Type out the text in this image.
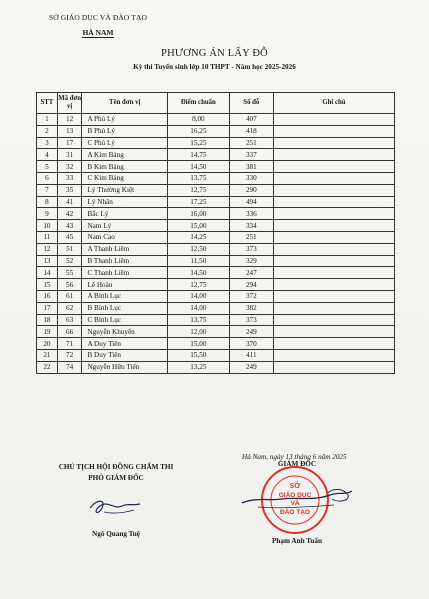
SỞ GIÁO DỤC VÀ ĐÀO TẠO
HÀ NAM
PHƯƠNG ÁN LẤY ĐỖ
Kỳ thi Tuyển sinh lớp 10 THPT - Năm học 2025-2026
STT	Mã đơn vị	Tên đơn vị	Điểm chuẩn	Số đỗ	Ghi chú
1	12	A Phủ Lý	8,00	407	
2	13	B Phủ Lý	16,25	418	
3	17	C Phủ Lý	15,25	251	
4	31	A Kim Bảng	14,75	337	
5	32	B Kim Bảng	14,50	381	
6	33	C Kim Bảng	13,75	330	
7	35	Lý Thường Kiệt	12,75	290	
8	41	Lý Nhân	17,25	494	
9	42	Bắc Lý	16,00	336	
10	43	Nam Lý	15,00	334	
11	45	Nam Cao	14,25	251	
12	51	A Thanh Liêm	12,50	373	
13	52	B Thanh Liêm	11,50	329	
14	55	C Thanh Liêm	14,50	247	
15	56	Lê Hoàn	12,75	294	
16	61	A Bình Lục	14,00	372	
17	62	B Bình Lục	14,00	382	
18	63	C Bình Lục	13,75	373	
19	66	Nguyễn Khuyến	12,00	249	
20	71	A Duy Tiên	15,00	370	
21	72	B Duy Tiên	15,50	411	
22	74	Nguyễn Hữu Tiến	13,25	249	
Hà Nam, ngày 13 tháng 6 năm 2025
CHỦ TỊCH HỘI ĐỒNG CHẤM THI
PHÓ GIÁM ĐỐC
Ngô Quang Tuệ
GIÁM ĐỐC
Phạm Anh Tuấn
SỞ
GIÁO DỤC
VÀ
ĐÀO TẠO
